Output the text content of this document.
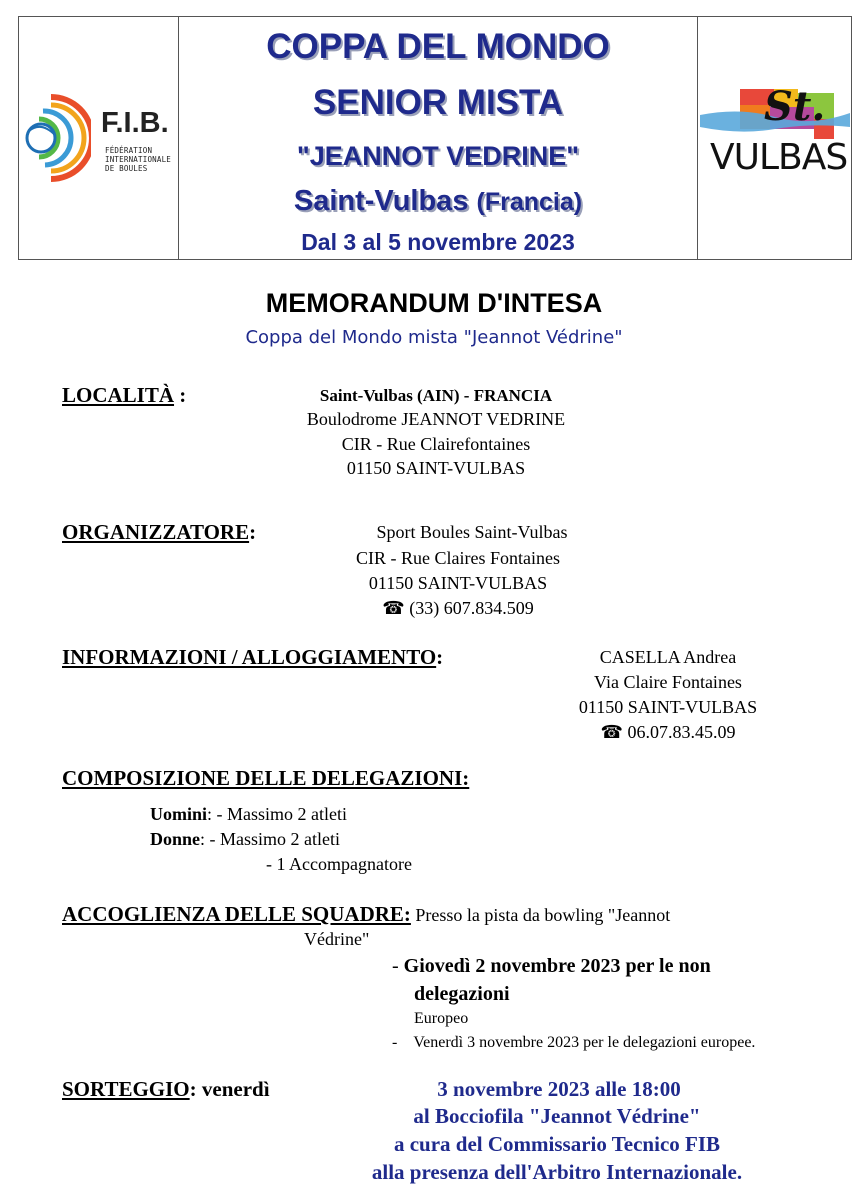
F.I.B.
FÉDÉRATION
INTERNATIONALE
DE BOULES
COPPA DEL MONDO
SENIOR MISTA
"JEANNOT VEDRINE"
Saint-Vulbas (Francia)
Dal 3 al 5 novembre 2023
St.
VULBAS
MEMORANDUM D'INTESA
Coppa del Mondo mista "Jeannot Védrine"
LOCALITÀ :	Saint-Vulbas (AIN) - FRANCIA
Boulodrome JEANNOT VEDRINE
CIR - Rue Clairefontaines
01150 SAINT-VULBAS
ORGANIZZATORE:	Sport Boules Saint-Vulbas
CIR - Rue Claires Fontaines
01150 SAINT-VULBAS
☎ (33) 607.834.509
INFORMAZIONI / ALLOGGIAMENTO:	CASELLA Andrea
Via Claire Fontaines
01150 SAINT-VULBAS
☎ 06.07.83.45.09
COMPOSIZIONE DELLE DELEGAZIONI:
Uomini: - Massimo 2 atleti
Donne: - Massimo 2 atleti
- 1 Accompagnatore
ACCOGLIENZA DELLE SQUADRE: Presso la pista da bowling "Jeannot
Védrine"
- Giovedì 2 novembre 2023 per le non
delegazioni
Europeo
- Venerdì 3 novembre 2023 per le delegazioni europee.
SORTEGGIO: venerdì	3 novembre 2023 alle 18:00
al Bocciofila "Jeannot Védrine"
a cura del Commissario Tecnico FIB
alla presenza dell'Arbitro Internazionale.
